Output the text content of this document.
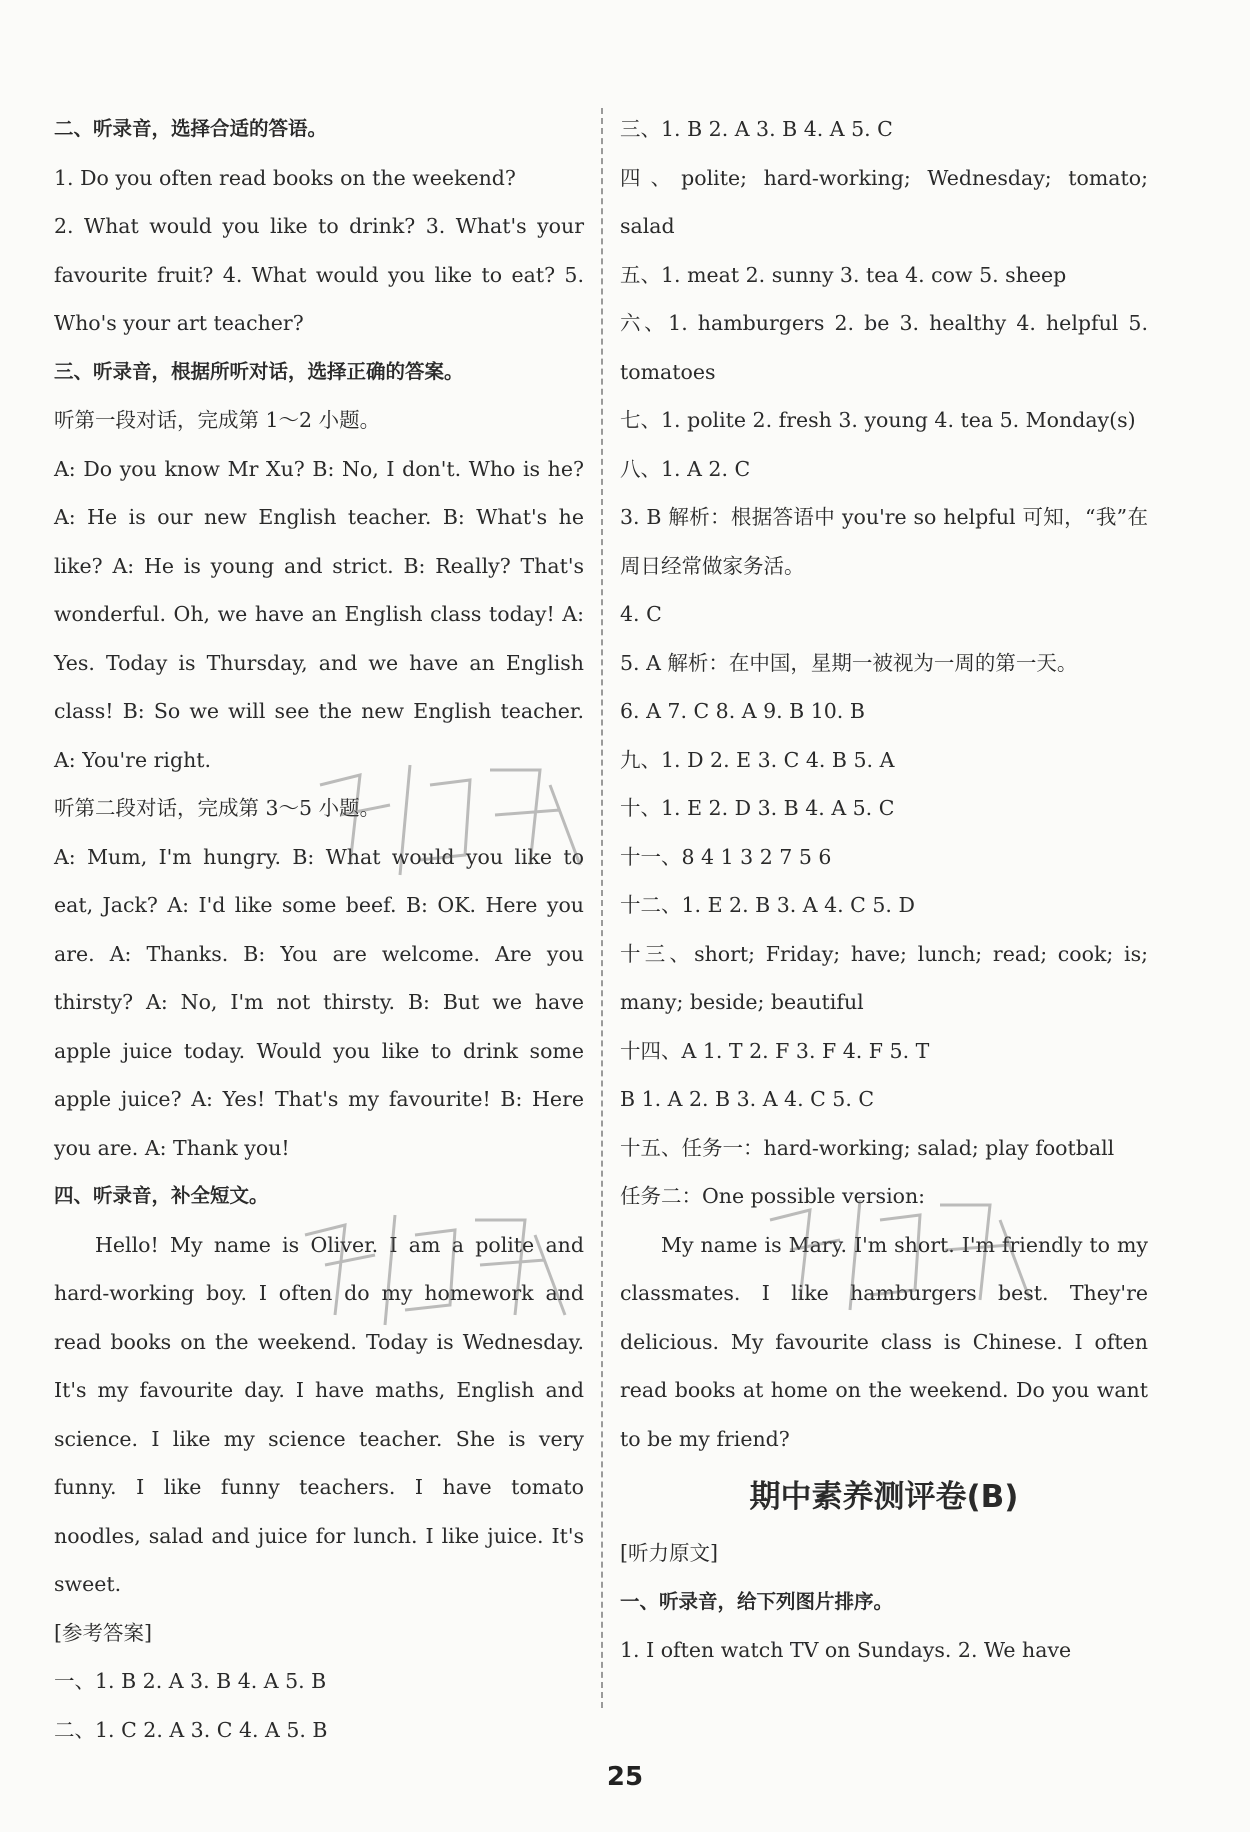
二、听录音，选择合适的答语。

1. Do you often read books on the weekend?

2. What would you like to drink? 3. What's your favourite fruit? 4. What would you like to eat? 5. Who's your art teacher?

三、听录音，根据所听对话，选择正确的答案。

听第一段对话，完成第 1～2 小题。

A: Do you know Mr Xu? B: No, I don't. Who is he? A: He is our new English teacher. B: What's he like? A: He is young and strict. B: Really? That's wonderful. Oh, we have an English class today! A: Yes. Today is Thursday, and we have an English class! B: So we will see the new English teacher. A: You're right.

听第二段对话，完成第 3～5 小题。

A: Mum, I'm hungry. B: What would you like to eat, Jack? A: I'd like some beef. B: OK. Here you are. A: Thanks. B: You are welcome. Are you thirsty? A: No, I'm not thirsty. B: But we have apple juice today. Would you like to drink some apple juice? A: Yes! That's my favourite! B: Here you are. A: Thank you!

四、听录音，补全短文。

Hello! My name is Oliver. I am a polite and hard-working boy. I often do my homework and read books on the weekend. Today is Wednesday. It's my favourite day. I have maths, English and science. I like my science teacher. She is very funny. I like funny teachers. I have tomato noodles, salad and juice for lunch. I like juice. It's sweet.

[参考答案]

一、1. B 2. A 3. B 4. A 5. B

二、1. C 2. A 3. C 4. A 5. B

三、1. B 2. A 3. B 4. A 5. C

四、polite; hard-working; Wednesday; tomato; salad

五、1. meat 2. sunny 3. tea 4. cow 5. sheep

六、1. hamburgers 2. be 3. healthy 4. helpful 5. tomatoes

七、1. polite 2. fresh 3. young 4. tea 5. Monday(s)

八、1. A 2. C

3. B 解析：根据答语中 you're so helpful 可知，“我”在周日经常做家务活。

4. C

5. A 解析：在中国，星期一被视为一周的第一天。

6. A 7. C 8. A 9. B 10. B

九、1. D 2. E 3. C 4. B 5. A

十、1. E 2. D 3. B 4. A 5. C

十一、8 4 1 3 2 7 5 6

十二、1. E 2. B 3. A 4. C 5. D

十三、short; Friday; have; lunch; read; cook; is; many; beside; beautiful

十四、A 1. T 2. F 3. F 4. F 5. T

B 1. A 2. B 3. A 4. C 5. C

十五、任务一：hard-working; salad; play football

任务二：One possible version:

My name is Mary. I'm short. I'm friendly to my classmates. I like hamburgers best. They're delicious. My favourite class is Chinese. I often read books at home on the weekend. Do you want to be my friend?

期中素养测评卷(B)

[听力原文]

一、听录音，给下列图片排序。

1. I often watch TV on Sundays. 2. We have

25
